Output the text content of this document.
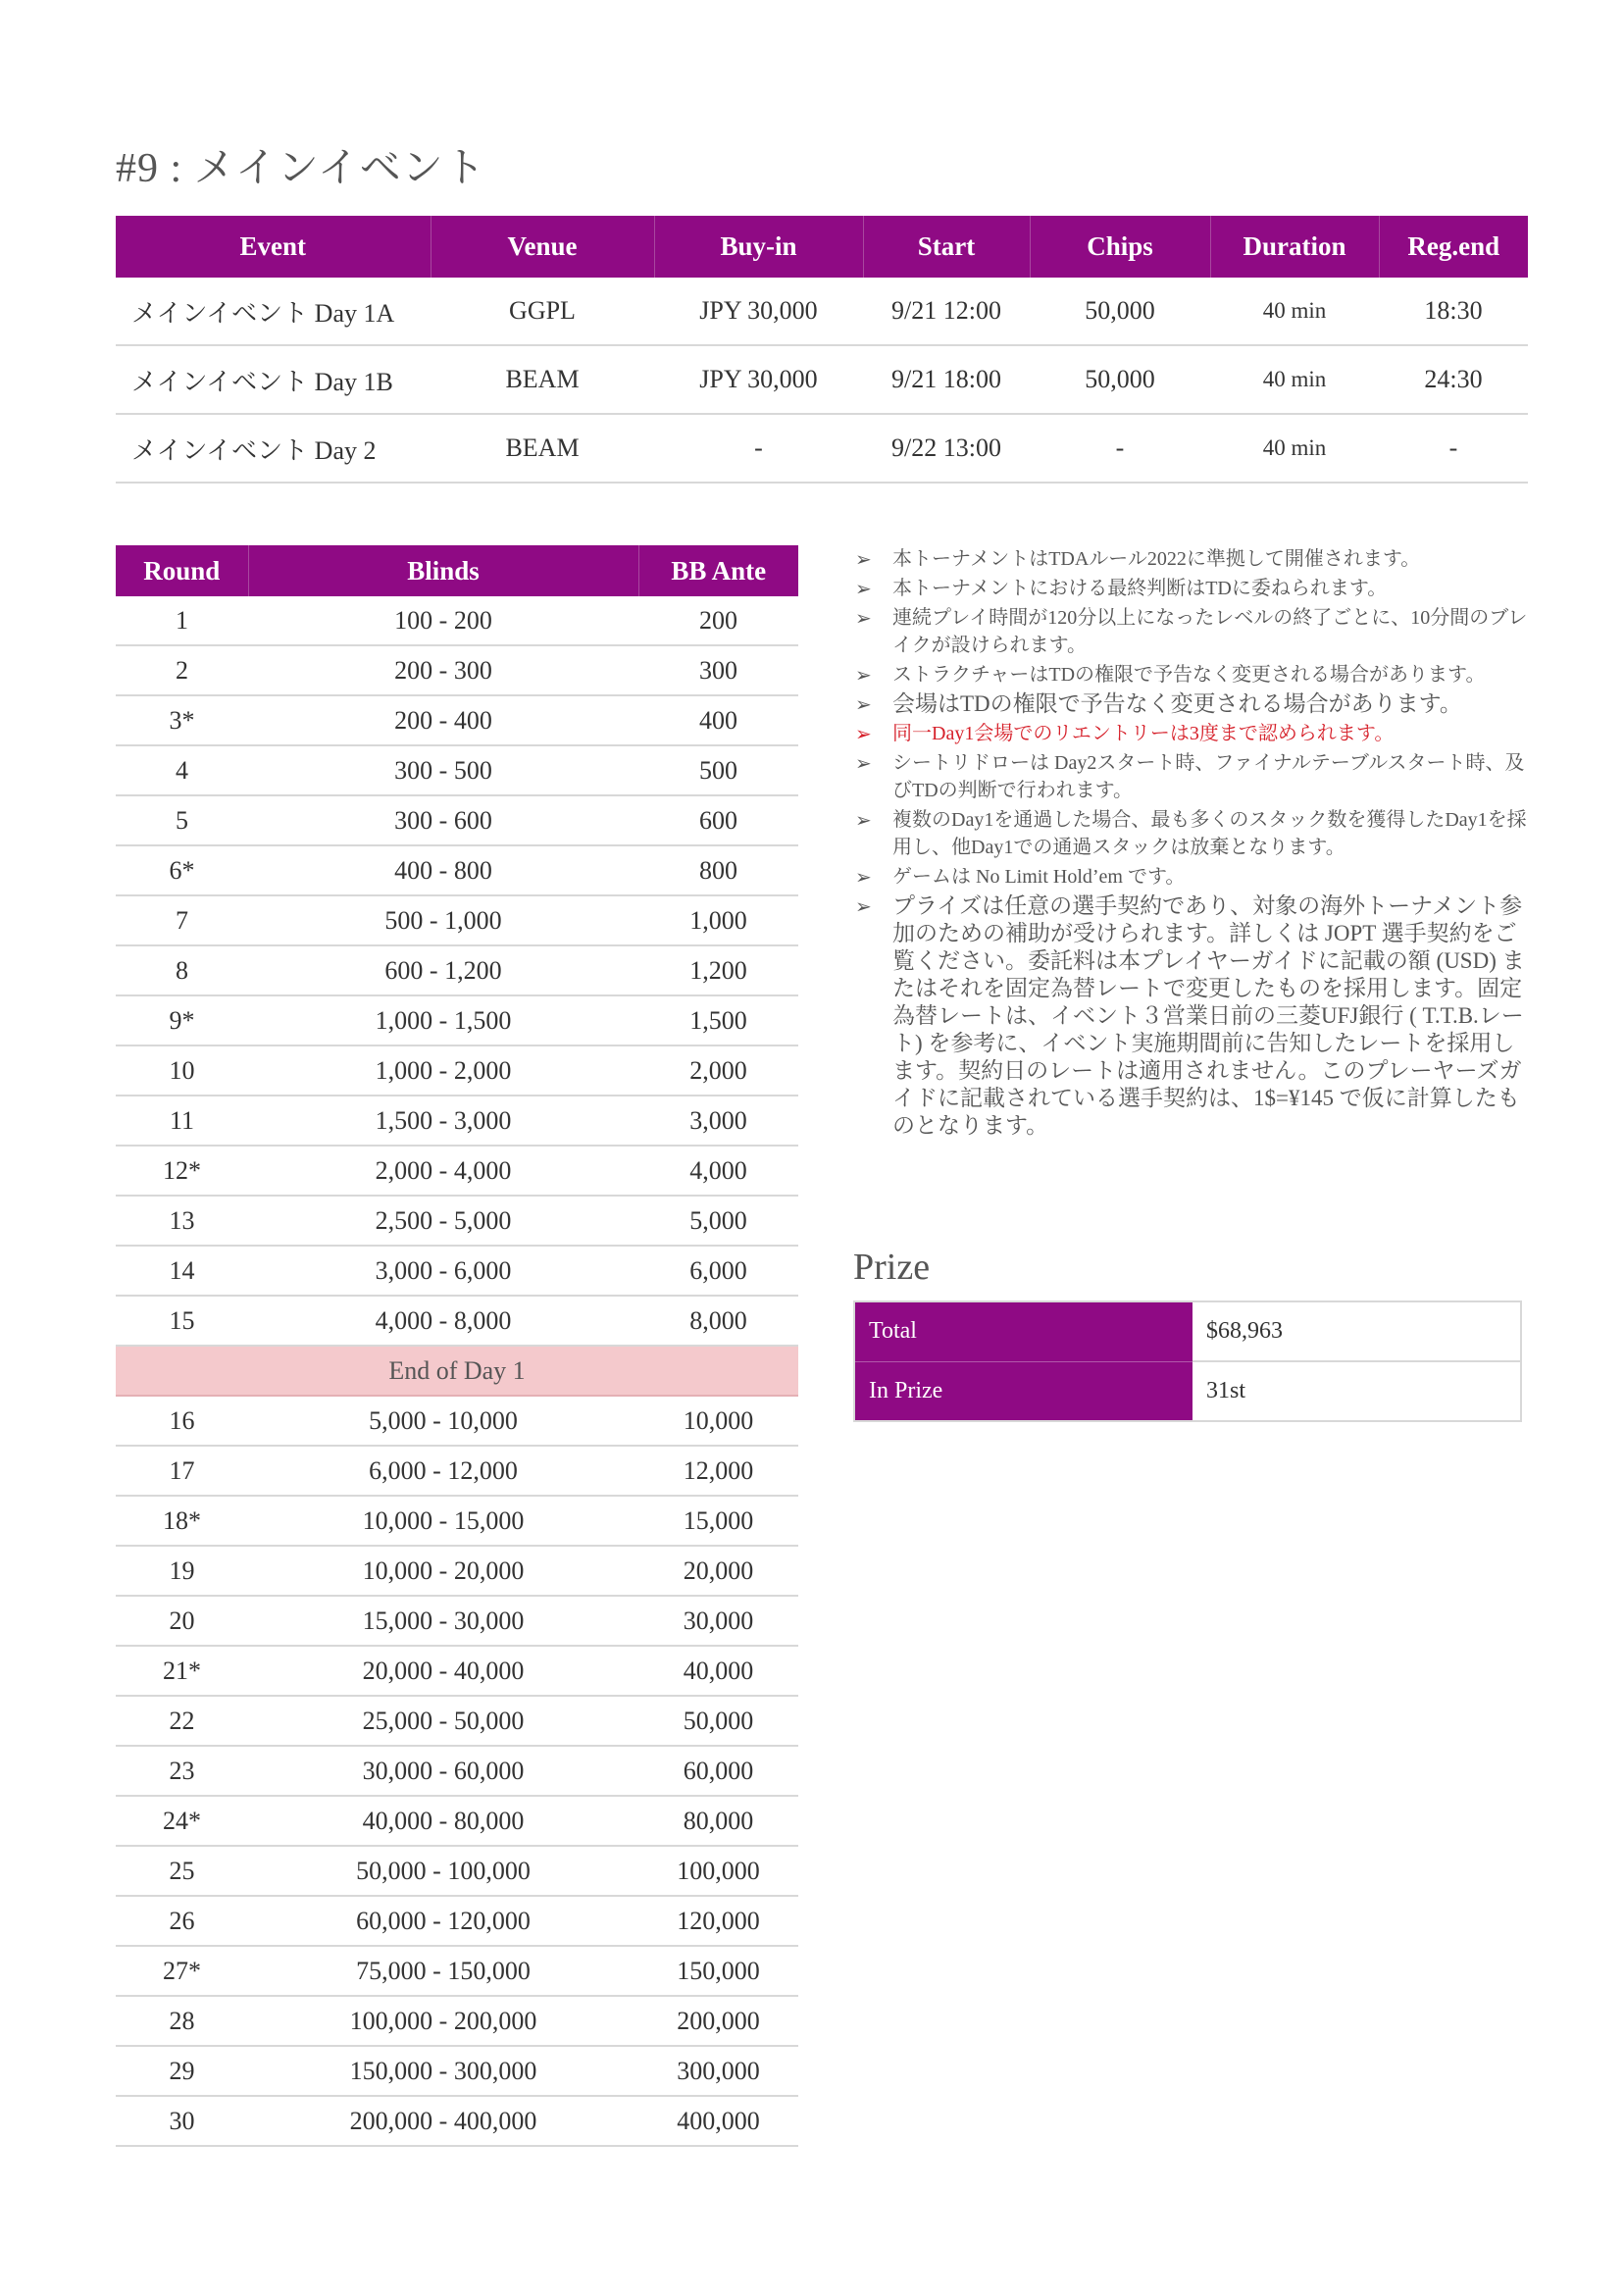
#9 : メインイベント
Event	Venue	Buy-in	Start	Chips	Duration	Reg.end
メインイベント Day 1A	GGPL	JPY 30,000	9/21 12:00	50,000	40 min	18:30
メインイベント Day 1B	BEAM	JPY 30,000	9/21 18:00	50,000	40 min	24:30
メインイベント Day 2	BEAM	-	9/22 13:00	-	40 min	-
Round	Blinds	BB Ante
1	100 - 200	200
2	200 - 300	300
3*	200 - 400	400
4	300 - 500	500
5	300 - 600	600
6*	400 - 800	800
7	500 - 1,000	1,000
8	600 - 1,200	1,200
9*	1,000 - 1,500	1,500
10	1,000 - 2,000	2,000
11	1,500 - 3,000	3,000
12*	2,000 - 4,000	4,000
13	2,500 - 5,000	5,000
14	3,000 - 6,000	6,000
15	4,000 - 8,000	8,000
End of Day 1		
16	5,000 - 10,000	10,000
17	6,000 - 12,000	12,000
18*	10,000 - 15,000	15,000
19	10,000 - 20,000	20,000
20	15,000 - 30,000	30,000
21*	20,000 - 40,000	40,000
22	25,000 - 50,000	50,000
23	30,000 - 60,000	60,000
24*	40,000 - 80,000	80,000
25	50,000 - 100,000	100,000
26	60,000 - 120,000	120,000
27*	75,000 - 150,000	150,000
28	100,000 - 200,000	200,000
29	150,000 - 300,000	300,000
30	200,000 - 400,000	400,000
➢ 本トーナメントはTDAルール2022に準拠して開催されます。
➢ 本トーナメントにおける最終判断はTDに委ねられます。
➢ 連続プレイ時間が120分以上になったレベルの終了ごとに、10分間のブレイクが設けられます。
➢ ストラクチャーはTDの権限で予告なく変更される場合があります。
➢ 会場はTDの権限で予告なく変更される場合があります。
➢ 同一Day1会場でのリエントリーは3度まで認められます。
➢ シートリドローは Day2スタート時、ファイナルテーブルスタート時、及びTDの判断で行われます。
➢ 複数のDay1を通過した場合、最も多くのスタック数を獲得したDay1を採用し、他Day1での通過スタックは放棄となります。
➢ ゲームは No Limit Hold’em です。
➢ プライズは任意の選手契約であり、対象の海外トーナメント参加のための補助が受けられます。詳しくは JOPT 選手契約をご覧ください。委託料は本プレイヤーガイドに記載の額 (USD) またはそれを固定為替レートで変更したものを採用します。固定為替レートは、イベント３営業日前の三菱UFJ銀行 ( T.T.B.レート) を参考に、イベント実施期間前に告知したレートを採用します。契約日のレートは適用されません。このプレーヤーズガイドに記載されている選手契約は、1$=¥145 で仮に計算したものとなります。
Prize
Total	$68,963
In Prize	31st
